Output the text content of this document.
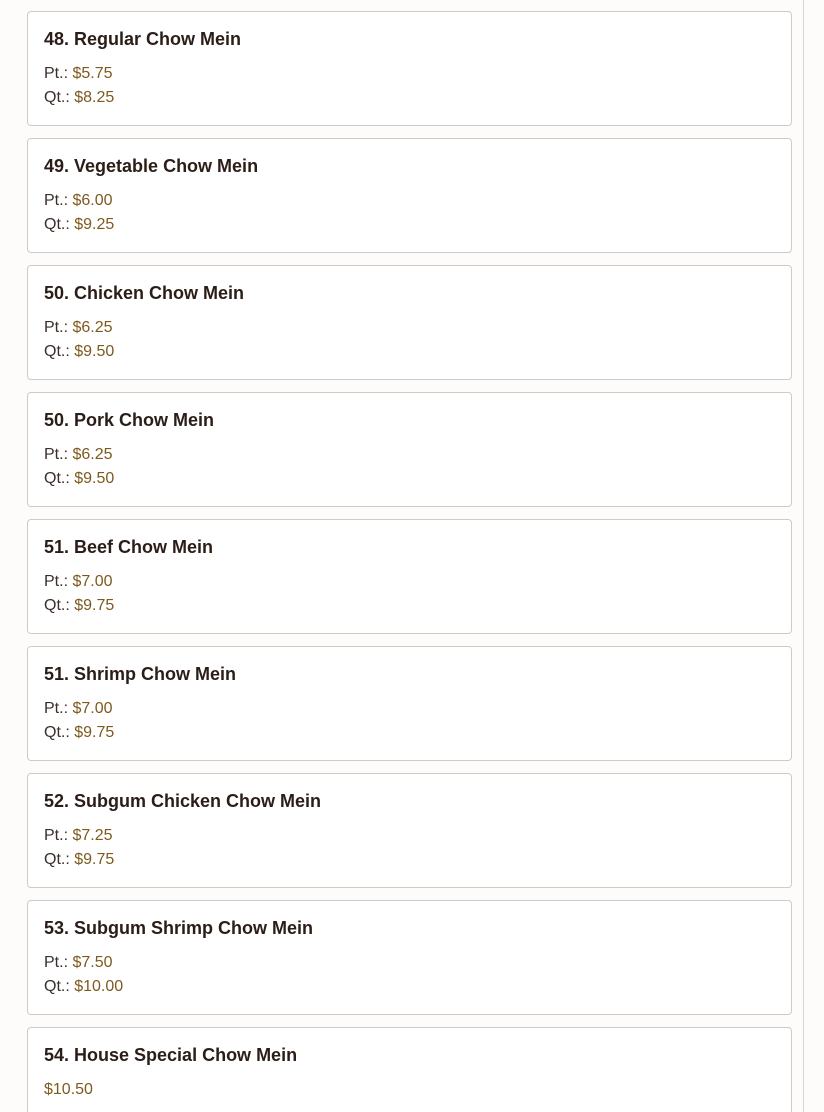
48. Regular Chow Mein
Pt.: $5.75
Qt.: $8.25
49. Vegetable Chow Mein
Pt.: $6.00
Qt.: $9.25
50. Chicken Chow Mein
Pt.: $6.25
Qt.: $9.50
50. Pork Chow Mein
Pt.: $6.25
Qt.: $9.50
51. Beef Chow Mein
Pt.: $7.00
Qt.: $9.75
51. Shrimp Chow Mein
Pt.: $7.00
Qt.: $9.75
52. Subgum Chicken Chow Mein
Pt.: $7.25
Qt.: $9.75
53. Subgum Shrimp Chow Mein
Pt.: $7.50
Qt.: $10.00
54. House Special Chow Mein
$10.50
